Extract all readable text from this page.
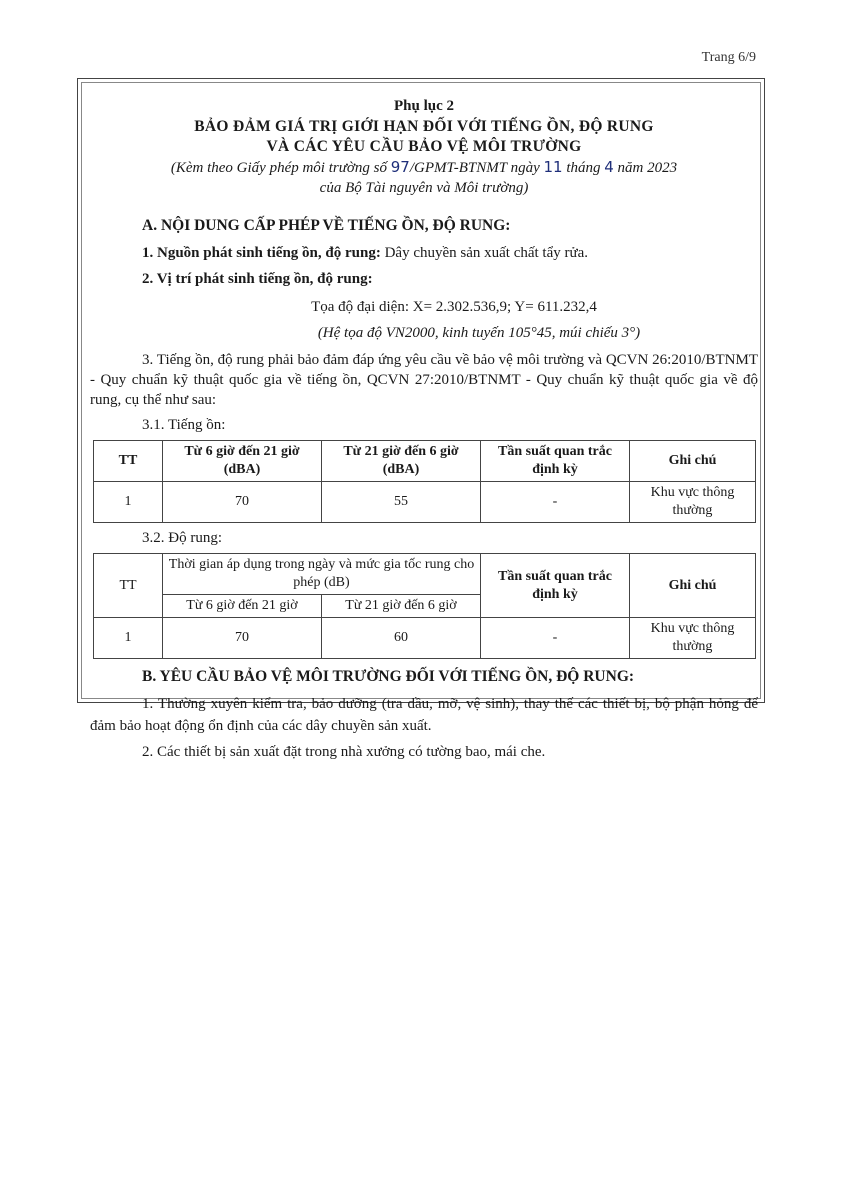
Trang 6/9

Phụ lục 2

BẢO ĐẢM GIÁ TRỊ GIỚI HẠN ĐỐI VỚI TIẾNG ỒN, ĐỘ RUNG

VÀ CÁC YÊU CẦU BẢO VỆ MÔI TRƯỜNG

(Kèm theo Giấy phép môi trường số 97/GPMT-BTNMT ngày 11 tháng 4 năm 2023

của Bộ Tài nguyên và Môi trường)

A. NỘI DUNG CẤP PHÉP VỀ TIẾNG ỒN, ĐỘ RUNG:

1. Nguồn phát sinh tiếng ồn, độ rung: Dây chuyền sản xuất chất tẩy rửa.

2. Vị trí phát sinh tiếng ồn, độ rung:

Tọa độ đại diện: X= 2.302.536,9; Y= 611.232,4

(Hệ tọa độ VN2000, kinh tuyến 105°45, múi chiếu 3°)

3. Tiếng ồn, độ rung phải bảo đảm đáp ứng yêu cầu về bảo vệ môi trường và QCVN 26:2010/BTNMT - Quy chuẩn kỹ thuật quốc gia về tiếng ồn, QCVN 27:2010/BTNMT - Quy chuẩn kỹ thuật quốc gia về độ rung, cụ thể như sau:

3.1. Tiếng ồn:

TT	Từ 6 giờ đến 21 giờ (dBA)	Từ 21 giờ đến 6 giờ (dBA)	Tần suất quan trắc định kỳ	Ghi chú
1	70	55	-	Khu vực thông thường

3.2. Độ rung:

TT	Thời gian áp dụng trong ngày và mức gia tốc rung cho phép (dB)		Tần suất quan trắc định kỳ	Ghi chú
	Từ 6 giờ đến 21 giờ	Từ 21 giờ đến 6 giờ		
1	70	60	-	Khu vực thông thường

B. YÊU CẦU BẢO VỆ MÔI TRƯỜNG ĐỐI VỚI TIẾNG ỒN, ĐỘ RUNG:

1. Thường xuyên kiểm tra, bảo dưỡng (tra dầu, mỡ, vệ sinh), thay thế các thiết bị, bộ phận hỏng để đảm bảo hoạt động ổn định của các dây chuyền sản xuất.

2. Các thiết bị sản xuất đặt trong nhà xưởng có tường bao, mái che.
